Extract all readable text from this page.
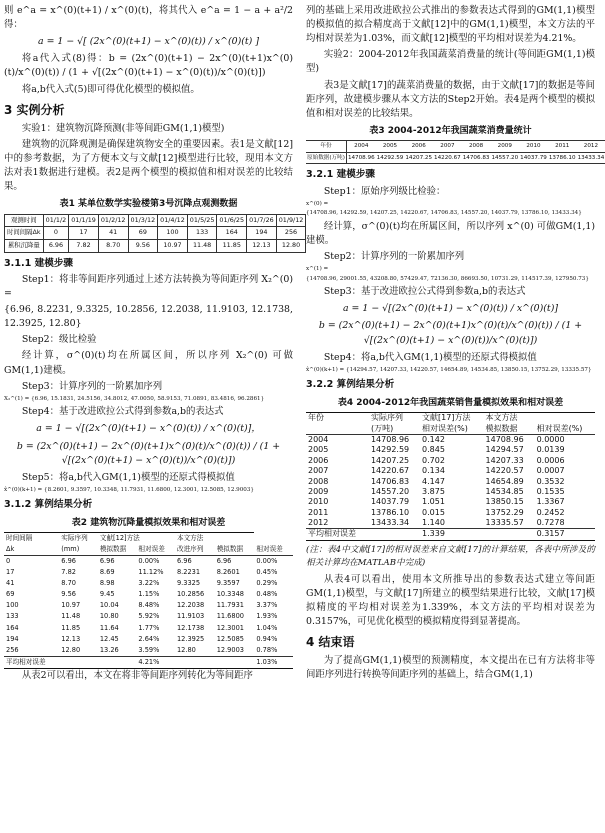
则 e^a = x^(0)(t+1) / x^(0)(t)，将其代入 e^a = 1 − a + a²/2 得：

a = 1 − √[ (2x^(0)(t+1) − x^(0)(t)) / x^(0)(t) ]

将a代入式(8)得：b = (2x^(0)(t+1) − 2x^(0)(t+1)x^(0)(t)/x^(0)(t)) / (1 + √[(2x^(0)(t+1) − x^(0)(t))/x^(0)(t)])

将a,b代入式(5)即可得优化模型的模拟值。

3 实例分析

实验1：建筑物沉降预测(非等间距GM(1,1)模型)

建筑物的沉降观测是确保建筑物安全的重要因素。表1是文献[12]中的参考数据，为了方便本文与文献[12]模型进行比较，现用本文方法对表1数据进行建模。表2是两个模型的模拟值和相对误差的比较结果。

表1 某单位数学实验楼第3号沉降点观测数据
观测时间	01/1/2	01/1/19	01/2/12	01/3/12	01/4/12	01/5/25	01/6/25	01/7/26	01/9/12
时间间隔Δk	0	17	41	69	100	133	164	194	256
累积沉降量	6.96	7.82	8.70	9.56	10.97	11.48	11.85	12.13	12.80
3.1.1 建模步骤

Step1：将非等间距序列通过上述方法转换为等间距序列 X₂^(0) =

{6.96, 8.2231, 9.3325, 10.2856, 12.2038, 11.9103, 12.1738, 12.3925, 12.80}

Step2：级比检验

经计算，σ^(0)(t)均在所属区间，所以序列 X₂^(0) 可做GM(1,1)建模。

Step3：计算序列的一阶累加序列

X₂^(1) = {6.96, 15.1831, 24.5156, 34.8012, 47.0050, 58.9153, 71.0891, 83.4816, 96.2861}

Step4：基于改进欧拉公式得到参数a,b的表达式

a = 1 − √[(2x^(0)(t+1) − x^(0)(t)) / x^(0)(t)]，
b = (2x^(0)(t+1) − 2x^(0)(t+1)x^(0)(t)/x^(0)(t)) / (1 + √[(2x^(0)(t+1) − x^(0)(t))/x^(0)(t)])

Step5：将a,b代入GM(1,1)模型的还原式得模拟值

x̂^(0)(k+1) = {8.2601, 9.3597, 10.3348, 11.7931, 11.6800, 12.3001, 12.5085, 12.9003}

3.1.2 算例结果分析
表2 建筑物沉降量模拟效果和相对误差
时间间隔	实际序列	文献[12]方法		本文方法		
Δk	(mm)	模拟数据	相对误差	改进序列	模拟数据	相对误差
0	6.96	6.96	0.00%	6.96	6.96	0.00%
17	7.82	8.69	11.12%	8.2231	8.2601	0.45%
41	8.70	8.98	3.22%	9.3325	9.3597	0.29%
69	9.56	9.45	1.15%	10.2856	10.3348	0.48%
100	10.97	10.04	8.48%	12.2038	11.7931	3.37%
133	11.48	10.80	5.92%	11.9103	11.6800	1.93%
164	11.85	11.64	1.77%	12.1738	12.3001	1.04%
194	12.13	12.45	2.64%	12.3925	12.5085	0.94%
256	12.80	13.26	3.59%	12.80	12.9003	0.78%
平均相对误差			4.21%			1.03%

从表2可以看出，本文在将非等间距序列转化为等间距序

列的基础上采用改进欧拉公式推出的参数表达式得到的GM(1,1)模型的模拟值的拟合精度高于文献[12]中的GM(1,1)模型，本文方法的平均相对误差为1.03%，而文献[12]模型的平均相对误差为4.21%。

实验2：2004-2012年我国蔬菜消费量的统计(等间距GM(1,1)模型)

表3是文献[17]的蔬菜消费量的数据，由于文献[17]的数据是等间距序列，故建模步骤从本文方法的Step2开始。表4是两个模型的模拟值和相对误差的比较结果。

表3 2004-2012年我国蔬菜消费量统计
年份	2004	2005	2006	2007	2008	2009	2010	2011	2012
原始数据(万吨)	14708.96	14292.59	14207.25	14220.67	14706.83	14557.20	14037.79	13786.10	13433.34
3.2.1 建模步骤

Step1：原始序列级比检验：

x^(0) =

{14708.96, 14292.59, 14207.25, 14220.67, 14706.83, 14557.20, 14037.79, 13786.10, 13433.34}

经计算，σ^(0)(t)均在所属区间，所以序列 x^(0) 可做GM(1,1)建模。

Step2：计算序列的一阶累加序列

x^(1) =

{14708.96, 29001.55, 43208.80, 57429.47, 72136.30, 86693.50, 10731.29, 114517.39, 127950.73}

Step3：基于改进欧拉公式得到参数a,b的表达式

a = 1 − √[(2x^(0)(t+1) − x^(0)(t)) / x^(0)(t)]
b = (2x^(0)(t+1) − 2x^(0)(t+1)x^(0)(t)/x^(0)(t)) / (1 + √[(2x^(0)(t+1) − x^(0)(t))/x^(0)(t)])

Step4：将a,b代入GM(1,1)模型的还原式得模拟值

x̂^(0)(k+1) = {14294.57, 14207.33, 14220.57, 14654.89, 14534.85, 13850.15, 13752.29, 13335.57}

3.2.2 算例结果分析
表4 2004-2012年我国蔬菜销售量模拟效果和相对误差
年份	实际序列	文献[17]方法	本文方法	
	(万吨)	相对误差(%)	模拟数据	相对误差(%)
2004	14708.96	0.142	14708.96	0.0000
2005	14292.59	0.845	14294.57	0.0139
2006	14207.25	0.702	14207.33	0.0006
2007	14220.67	0.134	14220.57	0.0007
2008	14706.83	4.147	14654.89	0.3532
2009	14557.20	3.875	14534.85	0.1535
2010	14037.79	1.051	13850.15	1.3367
2011	13786.10	0.015	13752.29	0.2452
2012	13433.34	1.140	13335.57	0.7278
平均相对误差		1.339		0.3157

(注：表4中文献[17]的相对误差来自文献[17]的计算结果，各表中所涉及的相关计算均在MATLAB中完成)

从表4可以看出，使用本文所推导出的参数表达式建立等间距GM(1,1)模型，与文献[17]所建立的模型结果进行比较，文献[17]模拟精度的平均相对误差为1.339%，本文方法的平均相对误差为0.3157%，可见优化模型的模拟精度得到显著提高。

4 结束语

为了提高GM(1,1)模型的预测精度，本文提出在已有方法将非等间距序列进行转换等间距序列的基础上，结合GM(1,1)
